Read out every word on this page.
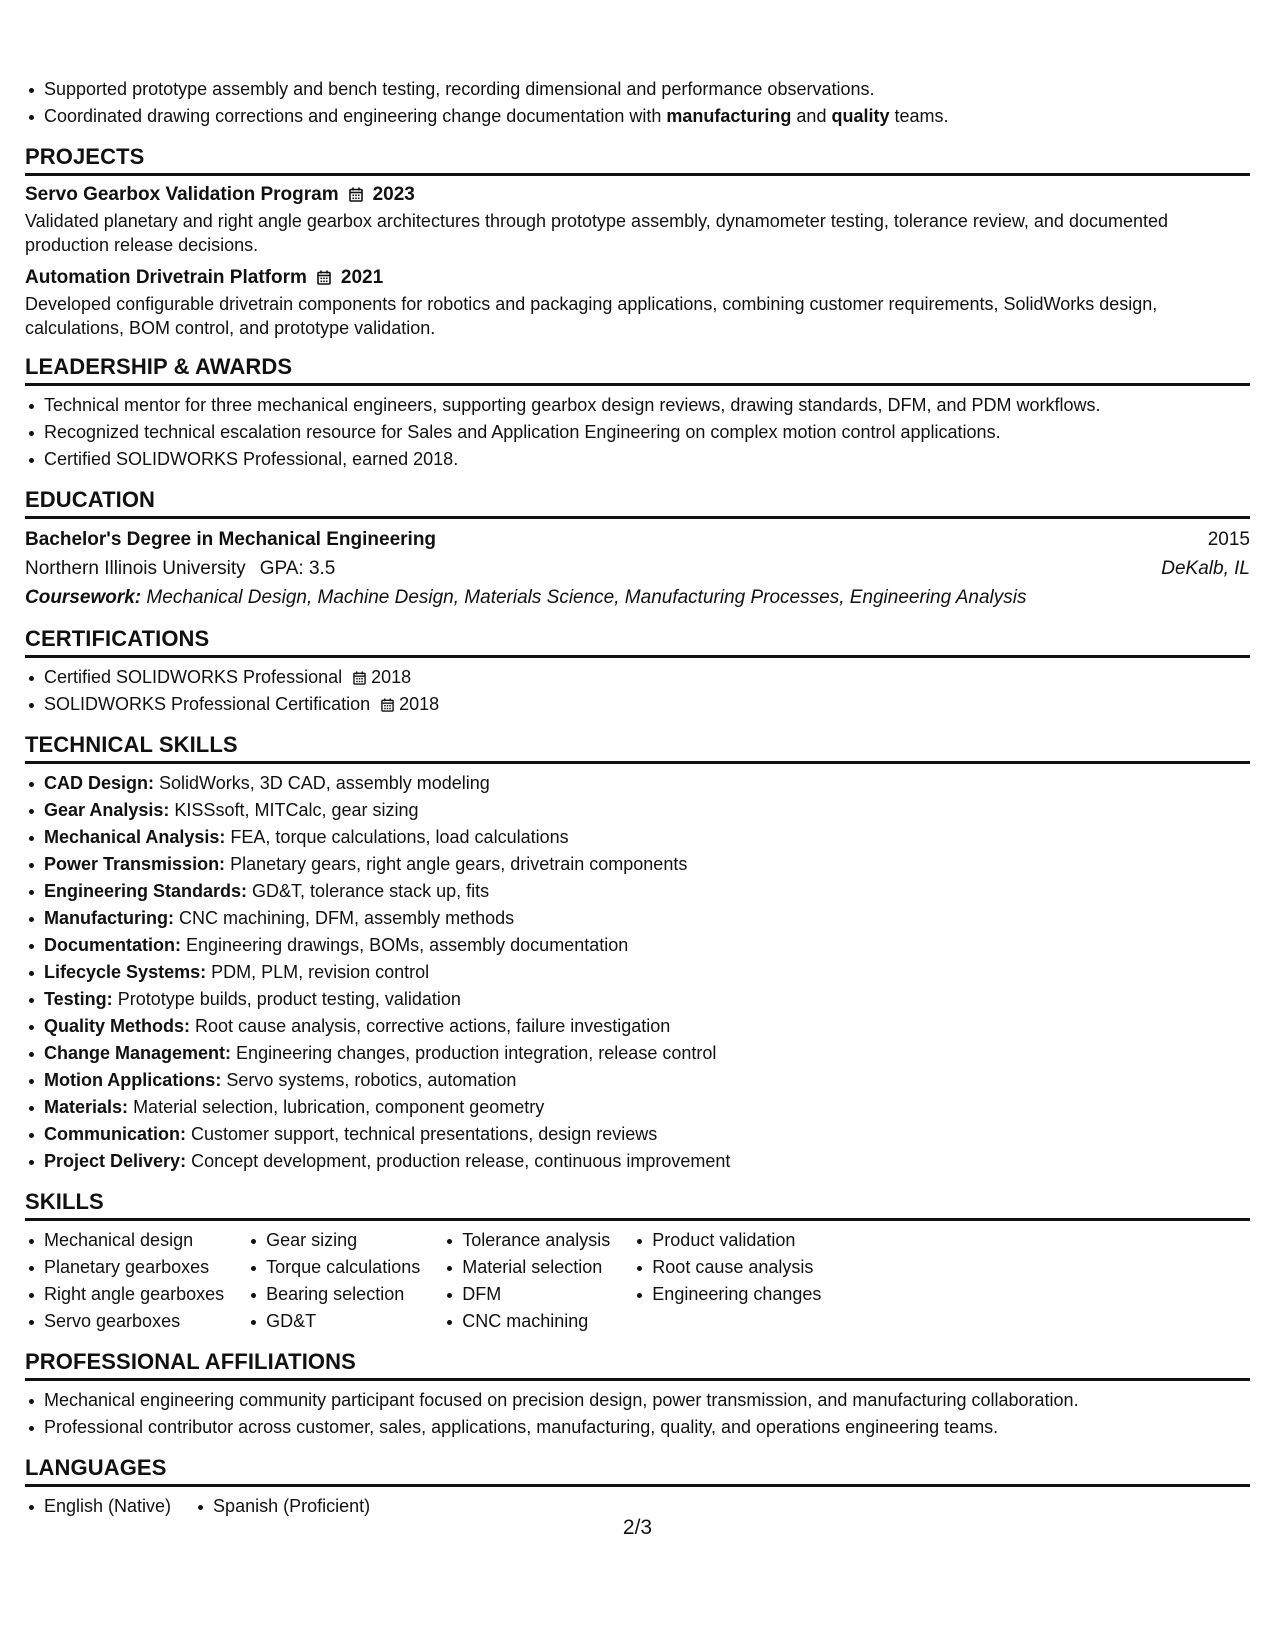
Supported prototype assembly and bench testing, recording dimensional and performance observations.
Coordinated drawing corrections and engineering change documentation with manufacturing and quality teams.
PROJECTS
Servo Gearbox Validation Program 2023
Validated planetary and right angle gearbox architectures through prototype assembly, dynamometer testing, tolerance review, and documented production release decisions.
Automation Drivetrain Platform 2021
Developed configurable drivetrain components for robotics and packaging applications, combining customer requirements, SolidWorks design, calculations, BOM control, and prototype validation.
LEADERSHIP & AWARDS
Technical mentor for three mechanical engineers, supporting gearbox design reviews, drawing standards, DFM, and PDM workflows.
Recognized technical escalation resource for Sales and Application Engineering on complex motion control applications.
Certified SOLIDWORKS Professional, earned 2018.
EDUCATION
Bachelor's Degree in Mechanical Engineering	2015
Northern Illinois University GPA: 3.5	DeKalb, IL
Coursework: Mechanical Design, Machine Design, Materials Science, Manufacturing Processes, Engineering Analysis
CERTIFICATIONS
Certified SOLIDWORKS Professional 2018
SOLIDWORKS Professional Certification 2018
TECHNICAL SKILLS
CAD Design: SolidWorks, 3D CAD, assembly modeling
Gear Analysis: KISSsoft, MITCalc, gear sizing
Mechanical Analysis: FEA, torque calculations, load calculations
Power Transmission: Planetary gears, right angle gears, drivetrain components
Engineering Standards: GD&T, tolerance stack up, fits
Manufacturing: CNC machining, DFM, assembly methods
Documentation: Engineering drawings, BOMs, assembly documentation
Lifecycle Systems: PDM, PLM, revision control
Testing: Prototype builds, product testing, validation
Quality Methods: Root cause analysis, corrective actions, failure investigation
Change Management: Engineering changes, production integration, release control
Motion Applications: Servo systems, robotics, automation
Materials: Material selection, lubrication, component geometry
Communication: Customer support, technical presentations, design reviews
Project Delivery: Concept development, production release, continuous improvement
SKILLS
Mechanical design
Planetary gearboxes
Right angle gearboxes
Servo gearboxes
Gear sizing
Torque calculations
Bearing selection
GD&T
Tolerance analysis
Material selection
DFM
CNC machining
Product validation
Root cause analysis
Engineering changes
PROFESSIONAL AFFILIATIONS
Mechanical engineering community participant focused on precision design, power transmission, and manufacturing collaboration.
Professional contributor across customer, sales, applications, manufacturing, quality, and operations engineering teams.
LANGUAGES
English (Native)	Spanish (Proficient)
2/3
